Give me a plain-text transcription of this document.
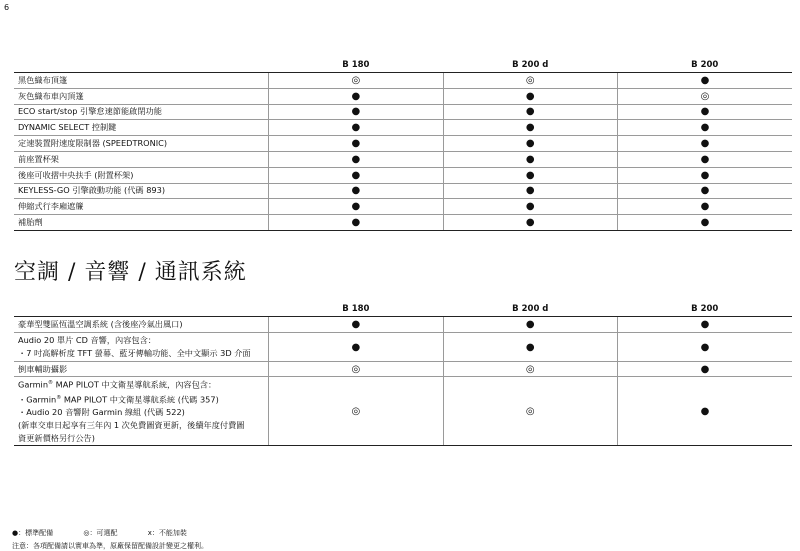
6
	B 180	B 200 d	B 200
黑色織布頂篷	◎	◎	●
灰色織布車內頂篷	●	●	◎
ECO start/stop 引擎怠速節能啟閉功能	●	●	●
DYNAMIC SELECT 控制鍵	●	●	●
定速裝置附速度限制器 (SPEEDTRONIC)	●	●	●
前座置杯架	●	●	●
後座可收摺中央扶手 (附置杯架)	●	●	●
KEYLESS-GO 引擎啟動功能 (代碼 893)	●	●	●
伸縮式行李廂遮簾	●	●	●
補胎劑	●	●	●
空調 / 音響 / 通訊系統
	B 180	B 200 d	B 200
豪華型雙區恆溫空調系統 (含後座冷氣出風口)	●	●	●

Audio 20 單片 CD 音響，內容包含：
・7 吋高解析度 TFT 螢幕、藍牙傳輸功能、全中文顯示 3D 介面	●	●	●
倒車輔助攝影	◎	◎	●

Garmin® MAP PILOT 中文衛星導航系統，內容包含：
・Garmin® MAP PILOT 中文衛星導航系統 (代碼 357)
・Audio 20 音響附 Garmin 線組 (代碼 522)
(新車交車日起享有三年內 1 次免費圖資更新，後續年度付費圖
資更新價格另行公告)	◎	◎	●
●：標準配備	◎：可選配	x：不能加裝
注意：各項配備請以實車為準，原廠保留配備設計變更之權利。
